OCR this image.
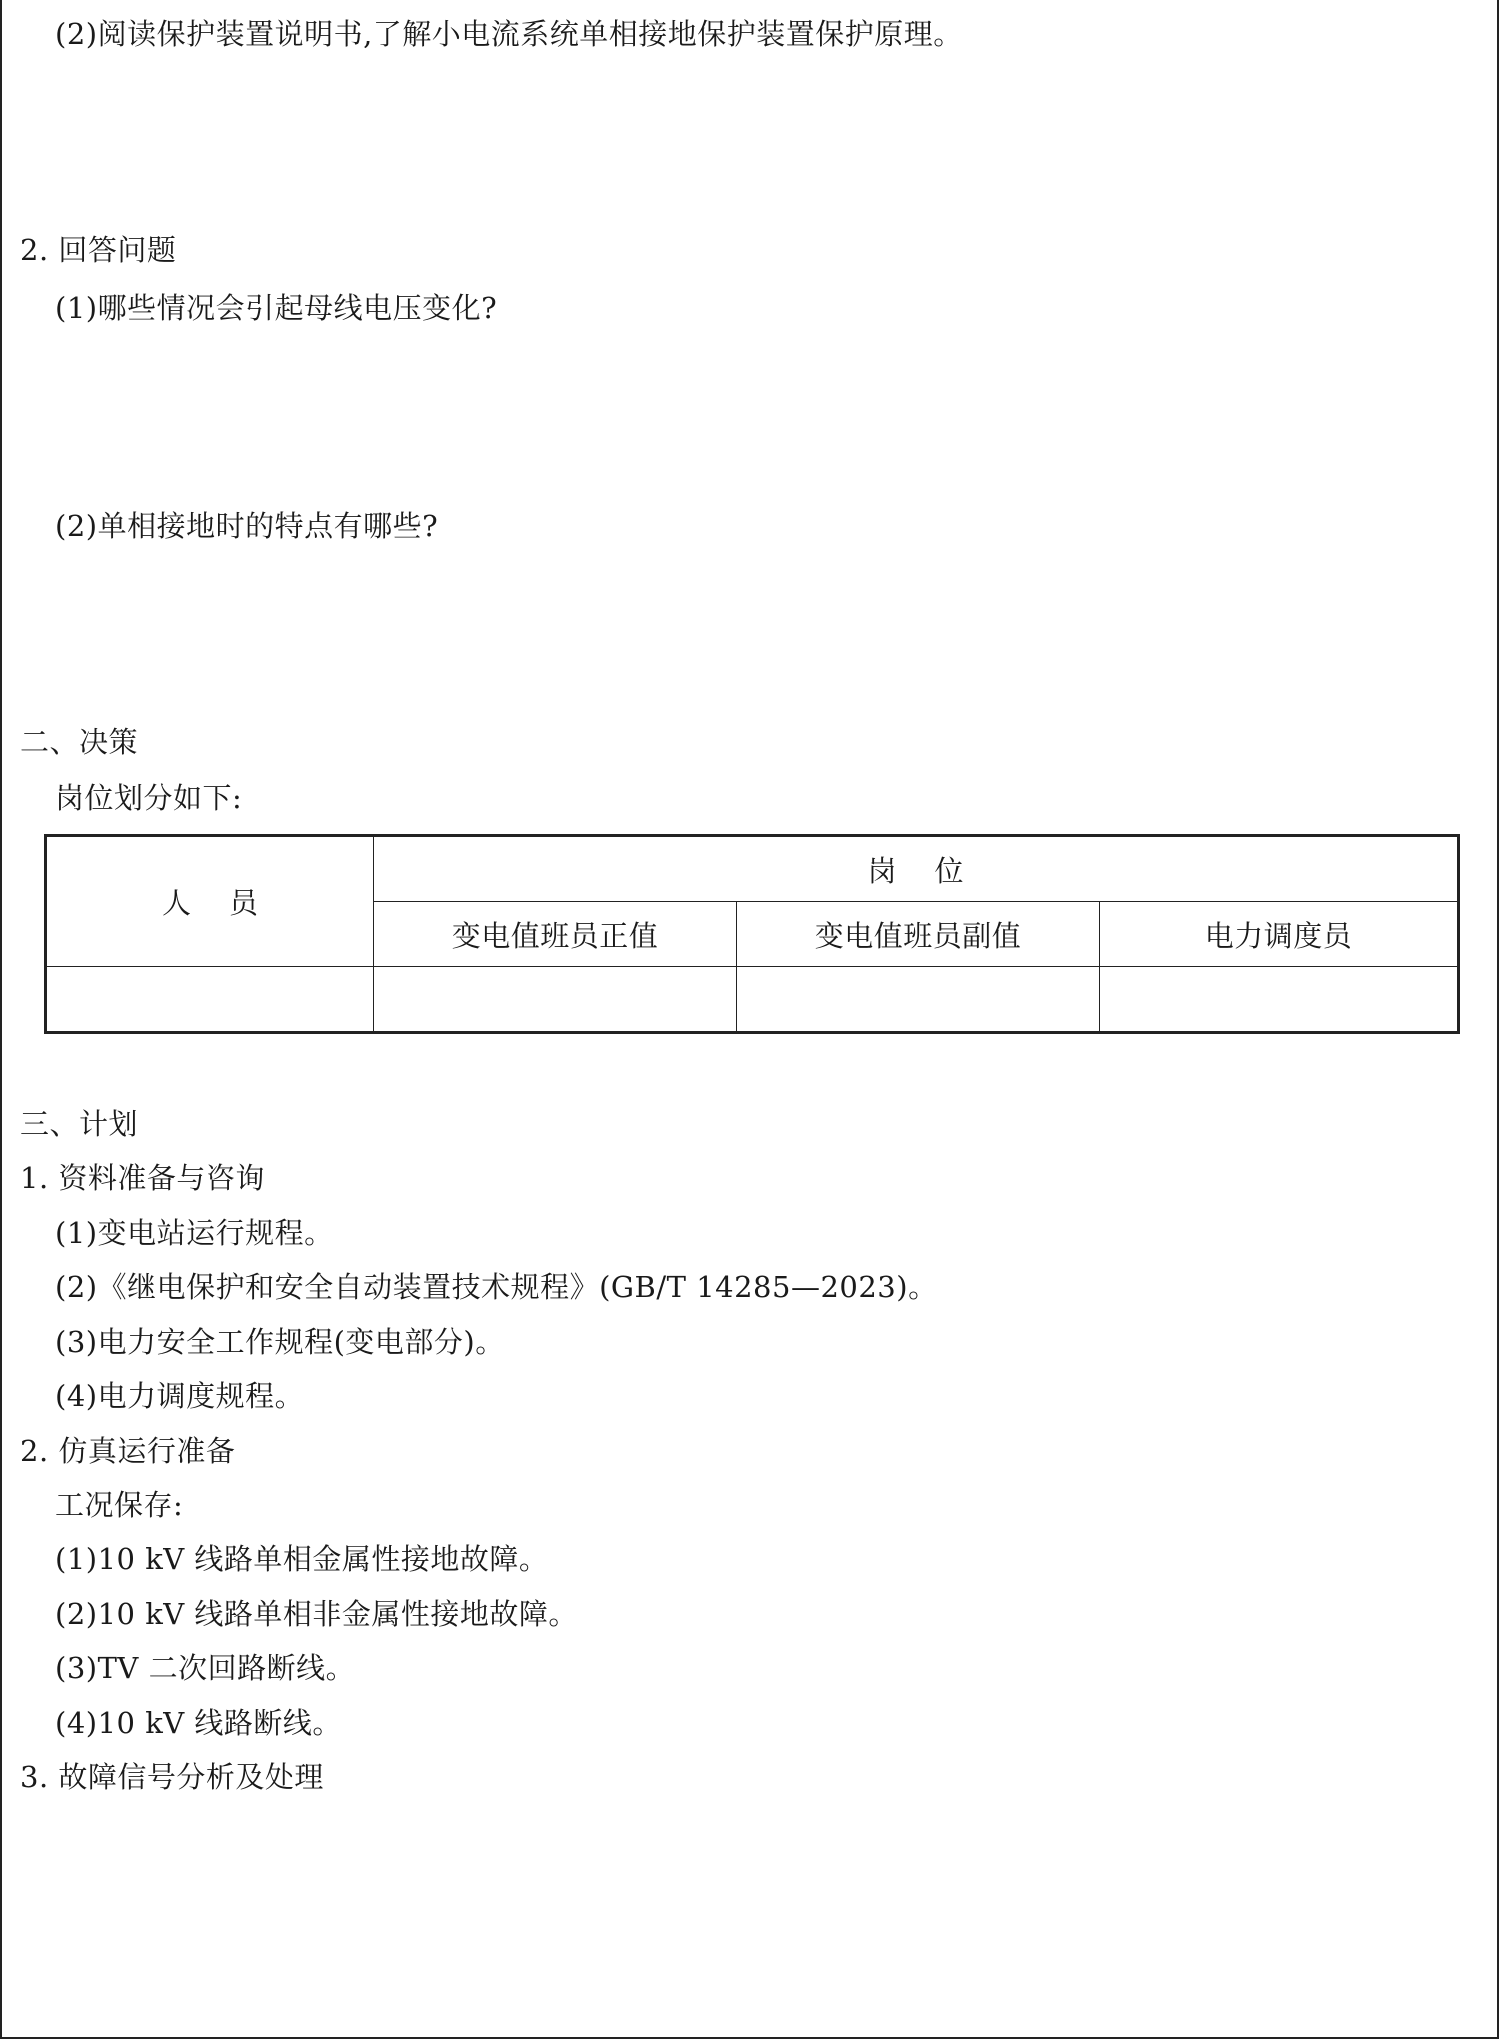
(2)阅读保护装置说明书,了解小电流系统单相接地保护装置保护原理。
2. 回答问题
(1)哪些情况会引起母线电压变化?
(2)单相接地时的特点有哪些?
二、决策
岗位划分如下:
人员	岗位		
	变电值班员正值	变电值班员副值	电力调度员

三、计划
1. 资料准备与咨询
(1)变电站运行规程。
(2)《继电保护和安全自动装置技术规程》(GB/T 14285—2023)。
(3)电力安全工作规程(变电部分)。
(4)电力调度规程。
2. 仿真运行准备
工况保存:
(1)10 kV 线路单相金属性接地故障。
(2)10 kV 线路单相非金属性接地故障。
(3)TV 二次回路断线。
(4)10 kV 线路断线。
3. 故障信号分析及处理
